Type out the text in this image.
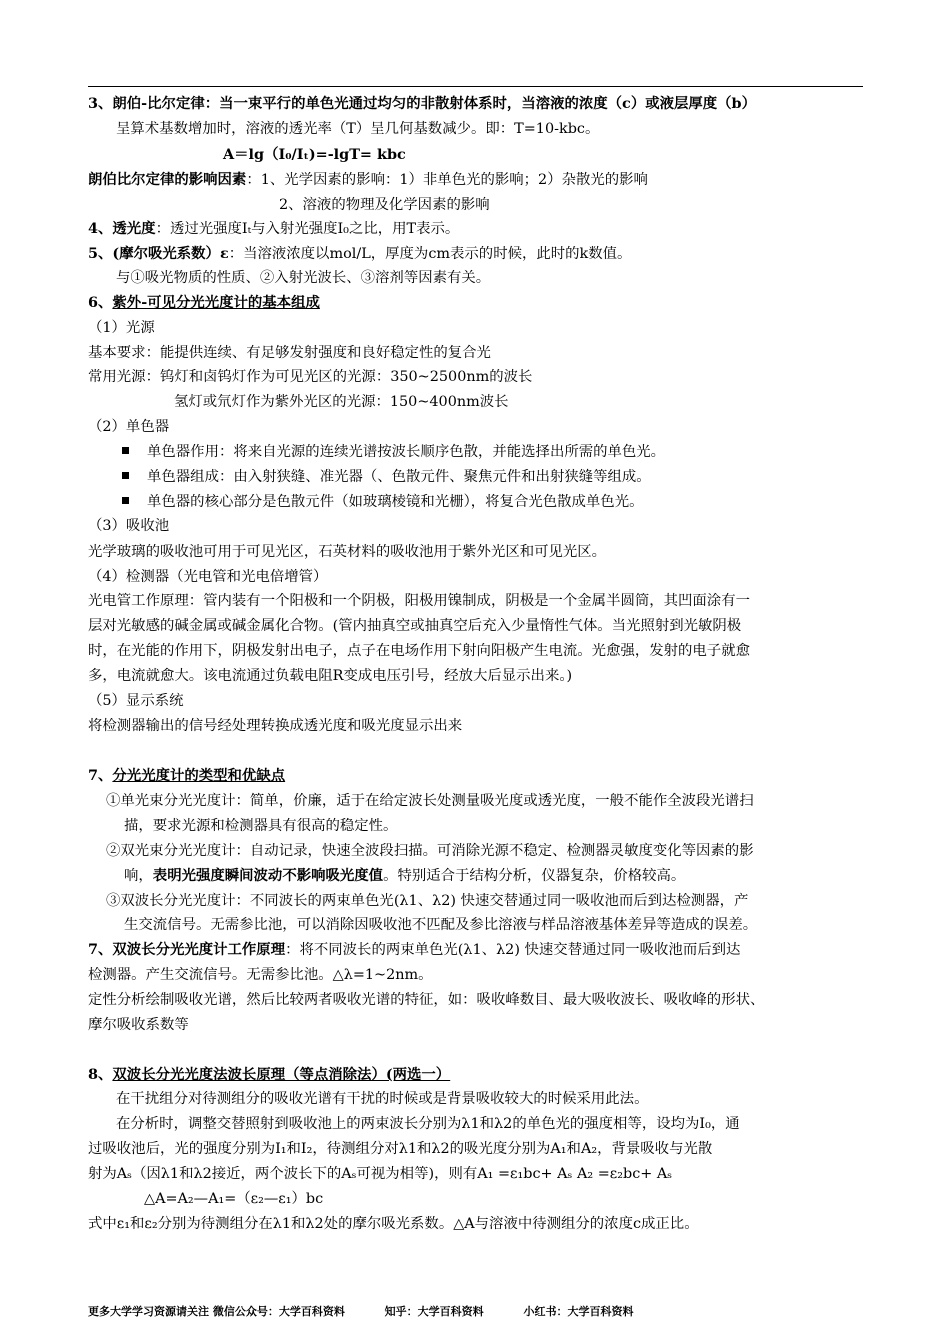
3、朗伯-比尔定律：当一束平行的单色光通过均匀的非散射体系时，当溶液的浓度（c）或液层厚度（b）
呈算术基数增加时，溶液的透光率（T）呈几何基数减少。即：T=10-kbc。
A＝lg（I₀/Iₜ)=-lgT= kbc
朗伯比尔定律的影响因素：1、光学因素的影响：1）非单色光的影响；2）杂散光的影响
2、溶液的物理及化学因素的影响
4、透光度：透过光强度Iₜ与入射光强度I₀之比，用T表示。
5、(摩尔吸光系数）ε：当溶液浓度以mol/L，厚度为cm表示的时候，此时的k数值。
与①吸光物质的性质、②入射光波长、③溶剂等因素有关。
6、紫外-可见分光光度计的基本组成
（1）光源
基本要求：能提供连续、有足够发射强度和良好稳定性的复合光
常用光源：钨灯和卤钨灯作为可见光区的光源：350~2500nm的波长
氢灯或氘灯作为紫外光区的光源：150~400nm波长
（2）单色器
单色器作用：将来自光源的连续光谱按波长顺序色散，并能选择出所需的单色光。
单色器组成：由入射狭缝、准光器（、色散元件、聚焦元件和出射狭缝等组成。
单色器的核心部分是色散元件（如玻璃棱镜和光栅），将复合光色散成单色光。
（3）吸收池
光学玻璃的吸收池可用于可见光区，石英材料的吸收池用于紫外光区和可见光区。
（4）检测器（光电管和光电倍增管）
光电管工作原理：管内装有一个阳极和一个阴极，阳极用镍制成，阴极是一个金属半圆筒，其凹面涂有一
层对光敏感的碱金属或碱金属化合物。(管内抽真空或抽真空后充入少量惰性气体。当光照射到光敏阴极
时，在光能的作用下，阴极发射出电子，点子在电场作用下射向阳极产生电流。光愈强，发射的电子就愈
多，电流就愈大。该电流通过负载电阻R变成电压引号，经放大后显示出来。)
（5）显示系统
将检测器输出的信号经处理转换成透光度和吸光度显示出来
7、分光光度计的类型和优缺点
①单光束分光光度计：简单，价廉，适于在给定波长处测量吸光度或透光度，一般不能作全波段光谱扫
描，要求光源和检测器具有很高的稳定性。
②双光束分光光度计：自动记录，快速全波段扫描。可消除光源不稳定、检测器灵敏度变化等因素的影
响，表明光强度瞬间波动不影响吸光度值。特别适合于结构分析，仪器复杂，价格较高。
③双波长分光光度计：不同波长的两束单色光(λ1、λ2) 快速交替通过同一吸收池而后到达检测器，产
生交流信号。无需参比池，可以消除因吸收池不匹配及参比溶液与样品溶液基体差异等造成的误差。
7、双波长分光光度计工作原理：将不同波长的两束单色光(λ1、λ2) 快速交替通过同一吸收池而后到达
检测器。产生交流信号。无需参比池。△λ=1~2nm。
定性分析绘制吸收光谱，然后比较两者吸收光谱的特征，如：吸收峰数目、最大吸收波长、吸收峰的形状、
摩尔吸收系数等
8、双波长分光光度法波长原理（等点消除法）(两选一）
在干扰组分对待测组分的吸收光谱有干扰的时候或是背景吸收较大的时候采用此法。
在分析时，调整交替照射到吸收池上的两束波长分别为λ1和λ2的单色光的强度相等，设均为I₀，通
过吸收池后，光的强度分别为I₁和I₂，待测组分对λ1和λ2的吸光度分别为A₁和A₂，背景吸收与光散
射为Aₛ（因λ1和λ2接近，两个波长下的Aₛ可视为相等)，则有A₁ =ε₁bc+ Aₛ A₂ =ε₂bc+ Aₛ
△A=A₂—A₁=（ε₂—ε₁）bc
式中ε₁和ε₂分别为待测组分在λ1和λ2处的摩尔吸光系数。△A与溶液中待测组分的浓度c成正比。
更多大学学习资源请关注 微信公众号：大学百科资料	知乎：大学百科资料	小红书：大学百科资料
